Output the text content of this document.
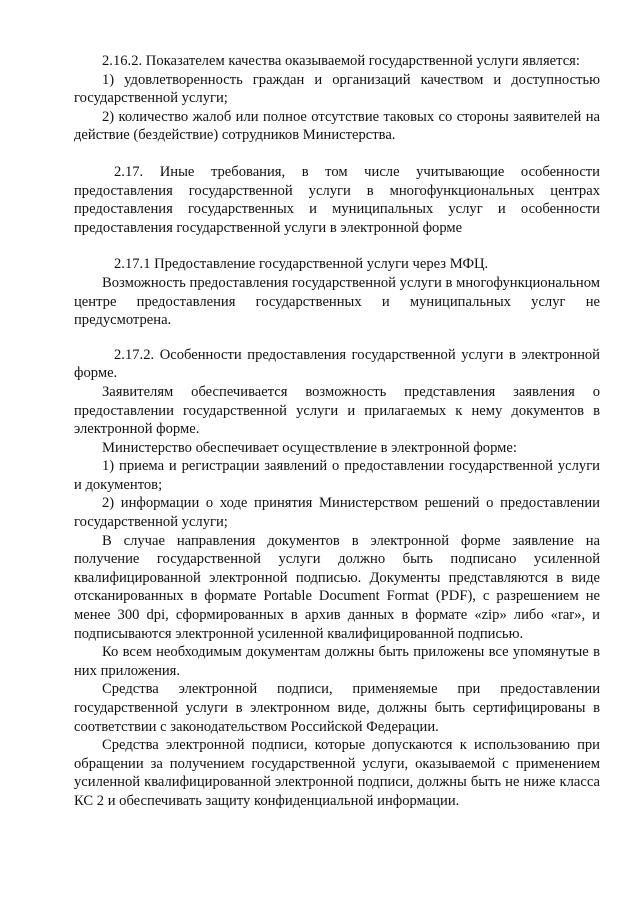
2.16.2. Показателем качества оказываемой государственной услуги является:

1) удовлетворенность граждан и организаций качеством и доступностью государственной услуги;

2) количество жалоб или полное отсутствие таковых со стороны заявителей на действие (бездействие) сотрудников Министерства.

2.17. Иные требования, в том числе учитывающие особенности предоставления государственной услуги в многофункциональных центрах предоставления государственных и муниципальных услуг и особенности предоставления государственной услуги в электронной форме

2.17.1 Предоставление государственной услуги через МФЦ.

Возможность предоставления государственной услуги в многофункциональном центре предоставления государственных и муниципальных услуг не предусмотрена.

2.17.2. Особенности предоставления государственной услуги в электронной форме.

Заявителям обеспечивается возможность представления заявления о предоставлении государственной услуги и прилагаемых к нему документов в электронной форме.

Министерство обеспечивает осуществление в электронной форме:

1) приема и регистрации заявлений о предоставлении государственной услуги и документов;

2) информации о ходе принятия Министерством решений о предоставлении государственной услуги;

В случае направления документов в электронной форме заявление на получение государственной услуги должно быть подписано усиленной квалифицированной электронной подписью. Документы представляются в виде отсканированных в формате Portable Document Format (PDF), с разрешением не менее 300 dpi, сформированных в архив данных в формате «zip» либо «rar», и подписываются электронной усиленной квалифицированной подписью.

Ко всем необходимым документам должны быть приложены все упомянутые в них приложения.

Средства электронной подписи, применяемые при предоставлении государственной услуги в электронном виде, должны быть сертифицированы в соответствии с законодательством Российской Федерации.

Средства электронной подписи, которые допускаются к использованию при обращении за получением государственной услуги, оказываемой с применением усиленной квалифицированной электронной подписи, должны быть не ниже класса КС 2 и обеспечивать защиту конфиденциальной информации.
